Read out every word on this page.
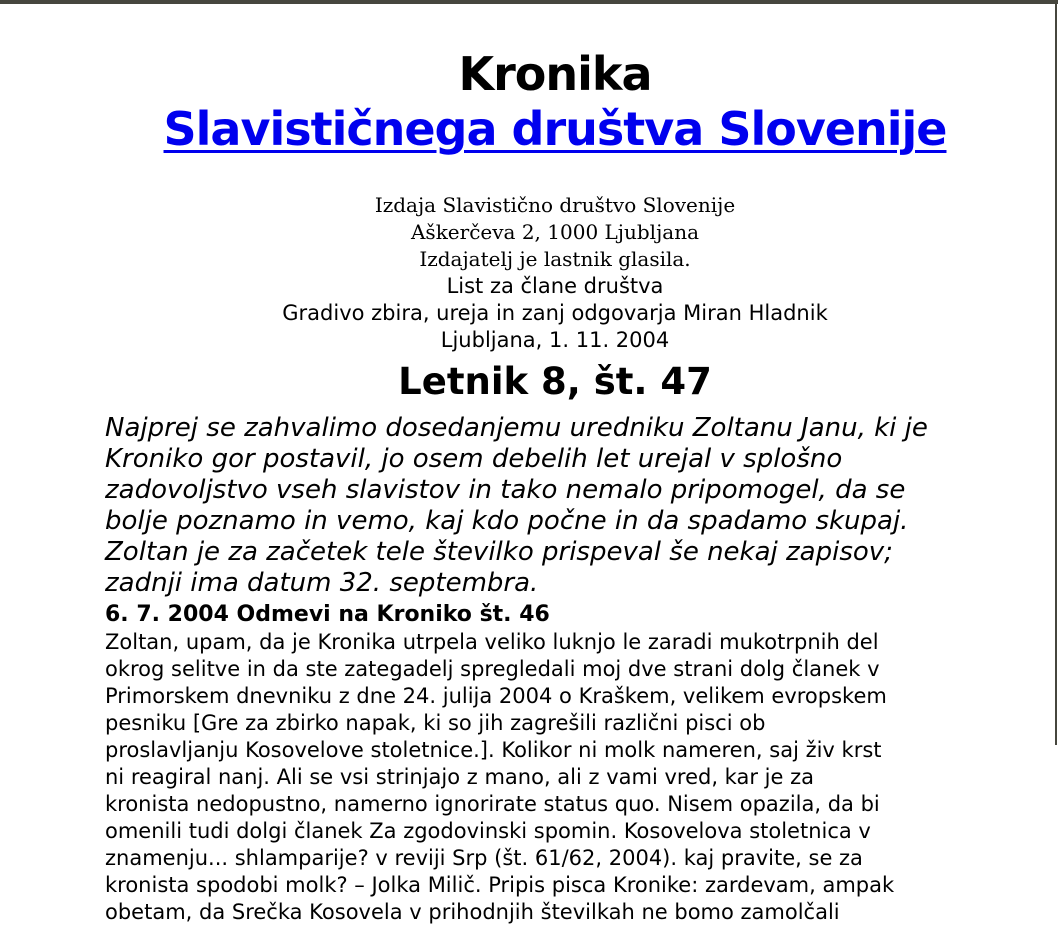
Kronika
Slavističnega društva Slovenije
Izdaja Slavistično društvo Slovenije
Aškerčeva 2, 1000 Ljubljana
Izdajatelj je lastnik glasila.
List za člane društva
Gradivo zbira, ureja in zanj odgovarja Miran Hladnik
Ljubljana, 1. 11. 2004
Letnik 8, št. 47
Najprej se zahvalimo dosedanjemu uredniku Zoltanu Janu, ki je
Kroniko gor postavil, jo osem debelih let urejal v splošno
zadovoljstvo vseh slavistov in tako nemalo pripomogel, da se
bolje poznamo in vemo, kaj kdo počne in da spadamo skupaj.
Zoltan je za začetek tele številko prispeval še nekaj zapisov;
zadnji ima datum 32. septembra.
6. 7. 2004 Odmevi na Kroniko št. 46
Zoltan, upam, da je Kronika utrpela veliko luknjo le zaradi mukotrpnih del
okrog selitve in da ste zategadelj spregledali moj dve strani dolg članek v
Primorskem dnevniku z dne 24. julija 2004 o Kraškem, velikem evropskem
pesniku [Gre za zbirko napak, ki so jih zagrešili različni pisci ob
proslavljanju Kosovelove stoletnice.]. Kolikor ni molk nameren, saj živ krst
ni reagiral nanj. Ali se vsi strinjajo z mano, ali z vami vred, kar je za
kronista nedopustno, namerno ignorirate status quo. Nisem opazila, da bi
omenili tudi dolgi članek Za zgodovinski spomin. Kosovelova stoletnica v
znamenju... shlamparije? v reviji Srp (št. 61/62, 2004). kaj pravite, se za
kronista spodobi molk? – Jolka Milič. Pripis pisca Kronike: zardevam, ampak
obetam, da Srečka Kosovela v prihodnjih številkah ne bomo zamolčali
